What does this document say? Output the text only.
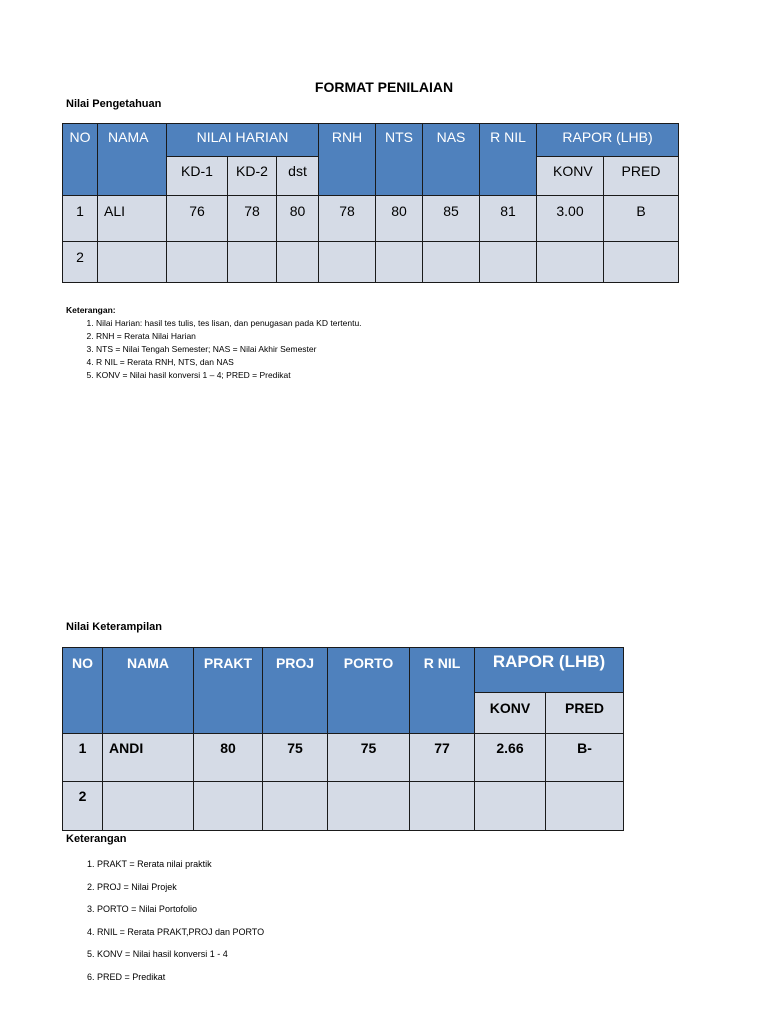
FORMAT PENILAIAN
Nilai Pengetahuan
NO	NAMA	NILAI HARIAN			RNH	NTS	NAS	R NIL	RAPOR (LHB)	
		KD-1	KD-2	dst					KONV	PRED
1	ALI	76	78	80	78	80	85	81	3.00	B
2										
Keterangan:
1. Nilai Harian: hasil tes tulis, tes lisan, dan penugasan pada KD tertentu.
2. RNH = Rerata Nilai Harian
3. NTS = Nilai Tengah Semester; NAS = Nilai Akhir Semester
4. R NIL = Rerata RNH, NTS, dan NAS
5. KONV = Nilai hasil konversi 1 – 4; PRED = Predikat
Nilai Keterampilan
NO	NAMA	PRAKT	PROJ	PORTO	R NIL	RAPOR (LHB)	
						KONV	PRED
1	ANDI	80	75	75	77	2.66	B-
2							
Keterangan
1. PRAKT = Rerata nilai praktik
2. PROJ = Nilai Projek
3. PORTO = Nilai Portofolio
4. RNIL = Rerata PRAKT,PROJ dan PORTO
5. KONV = Nilai hasil konversi 1 - 4
6. PRED = Predikat
